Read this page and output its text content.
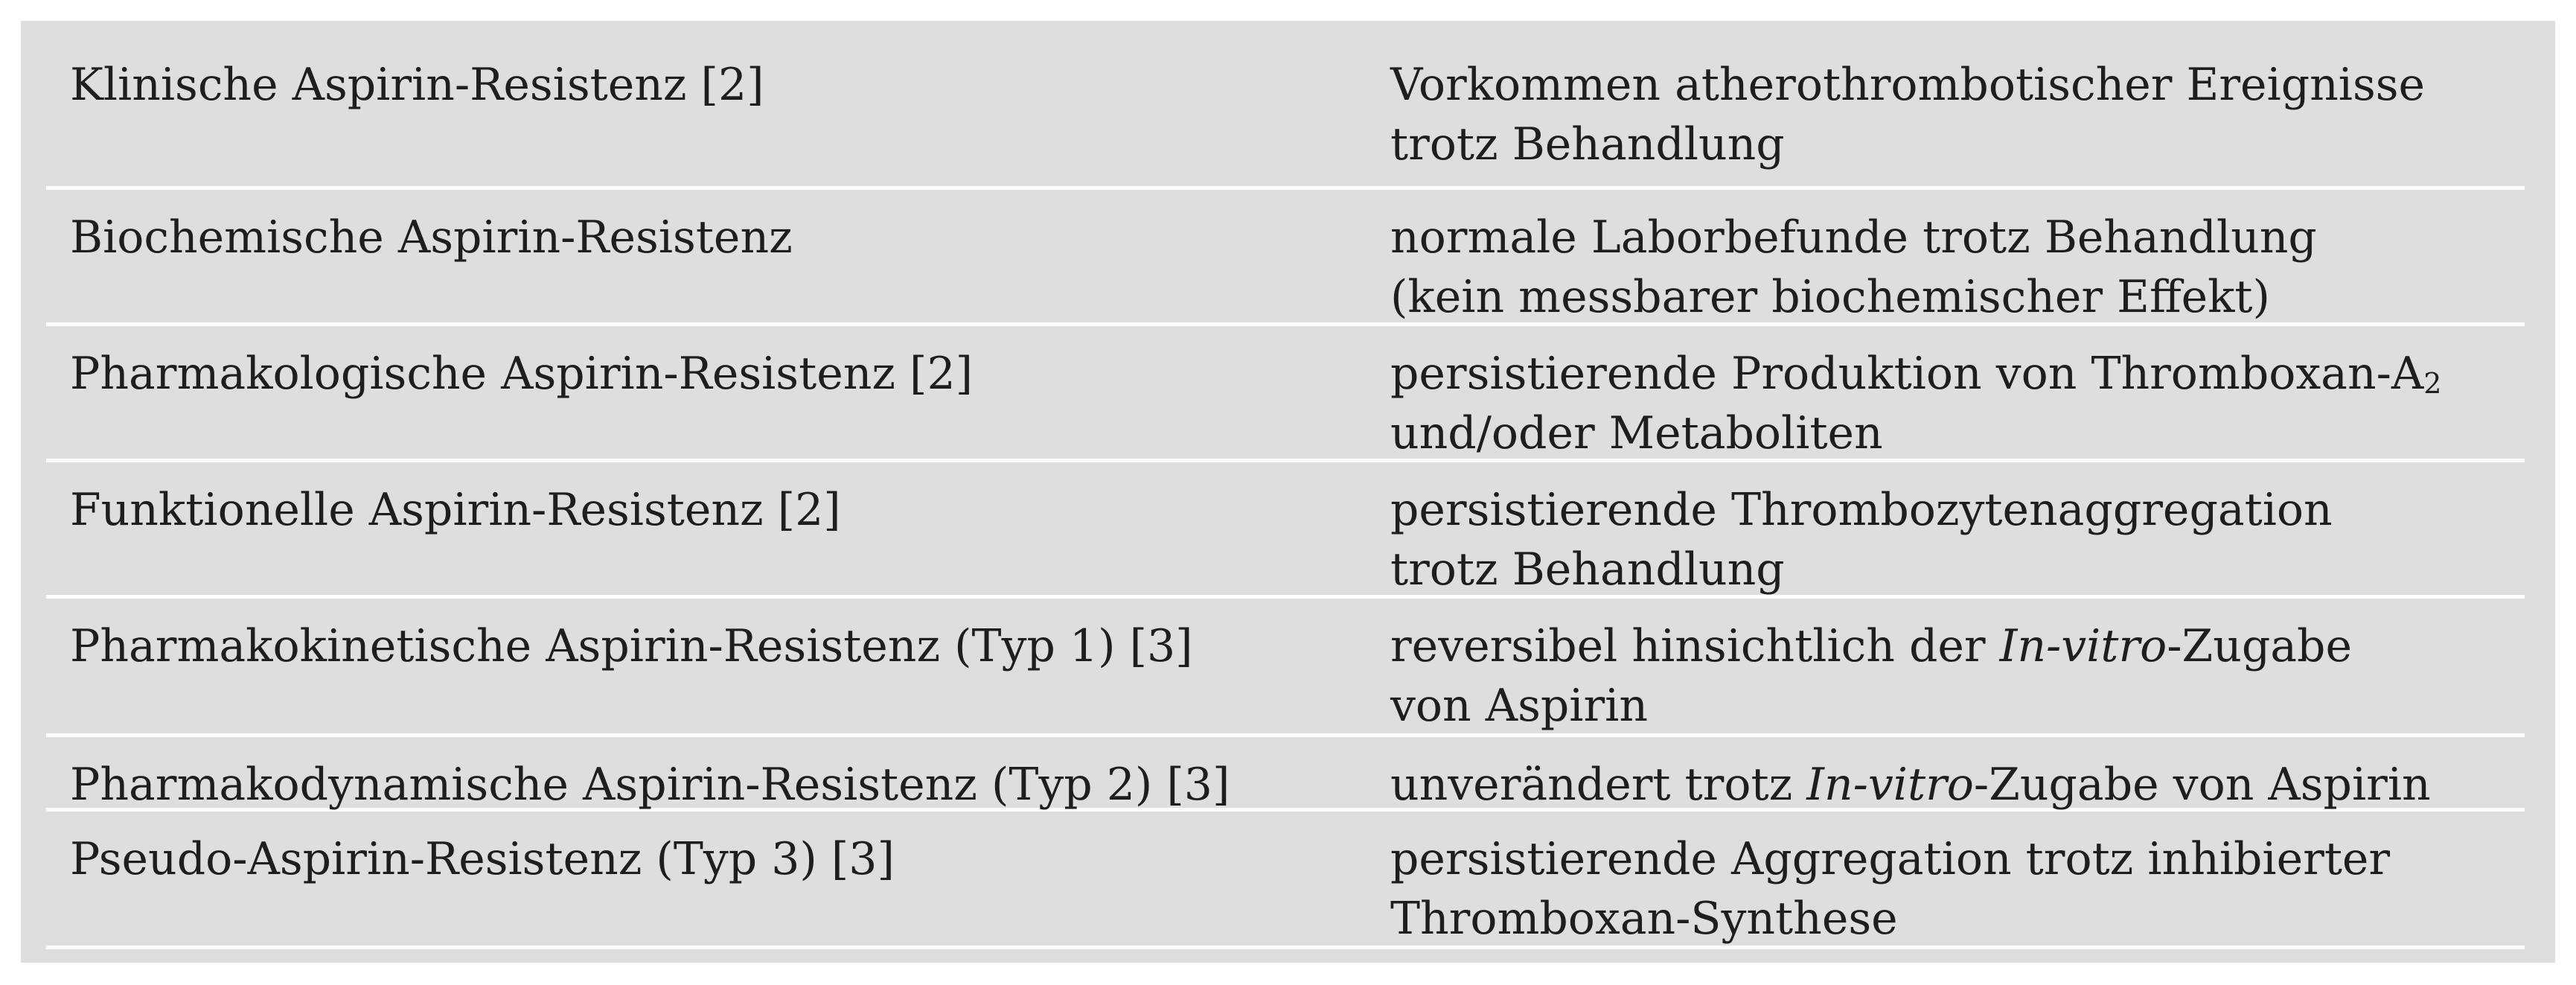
Klinische Aspirin-Resistenz [2]	Vorkommen atherothrombotischer Ereignisse
trotz Behandlung
Biochemische Aspirin-Resistenz	normale Laborbefunde trotz Behandlung
(kein messbarer biochemischer Effekt)
Pharmakologische Aspirin-Resistenz [2]	persistierende Produktion von Thromboxan-A2
und/oder Metaboliten
Funktionelle Aspirin-Resistenz [2]	persistierende Thrombozytenaggregation
trotz Behandlung
Pharmakokinetische Aspirin-Resistenz (Typ 1) [3]	reversibel hinsichtlich der In-vitro-Zugabe
von Aspirin
Pharmakodynamische Aspirin-Resistenz (Typ 2) [3]	unverändert trotz In-vitro-Zugabe von Aspirin
Pseudo-Aspirin-Resistenz (Typ 3) [3]	persistierende Aggregation trotz inhibierter
Thromboxan-Synthese
